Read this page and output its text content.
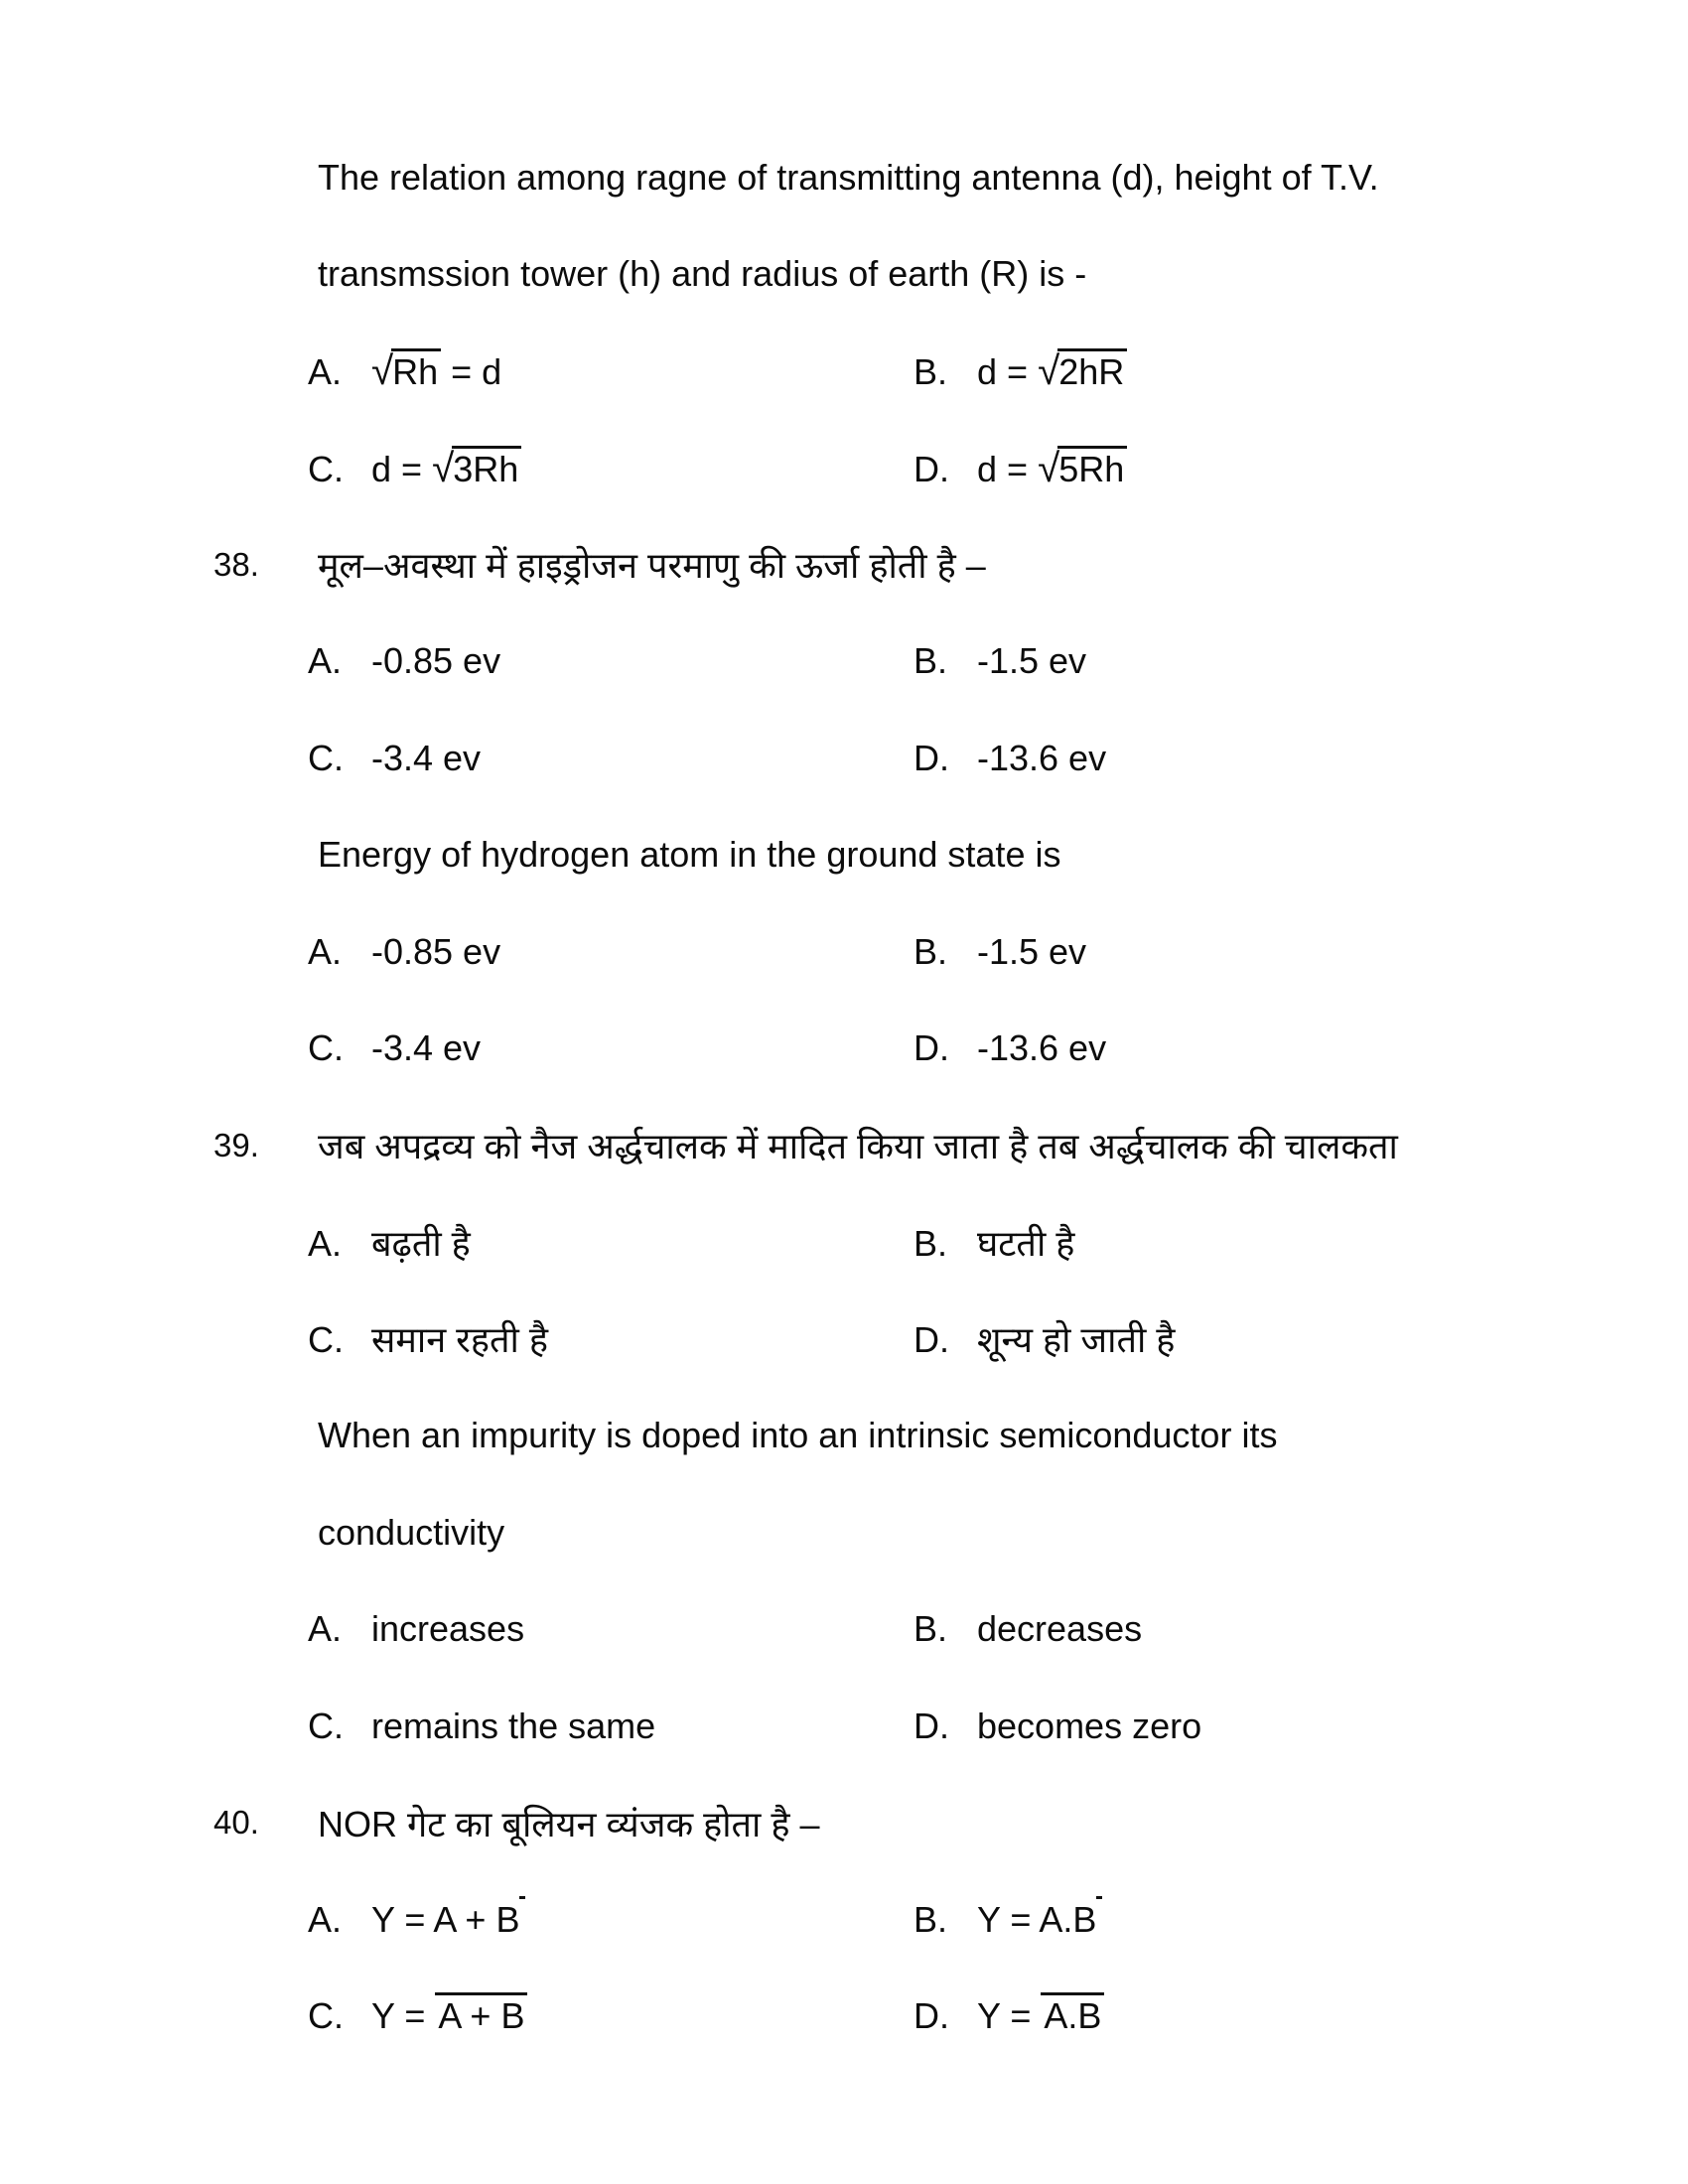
The relation among ragne of transmitting antenna (d), height of T.V.
transmssion tower (h) and radius of earth (R) is -
A. √Rh = d	B. d = √2hR
C. d = √3Rh	D. d = √5Rh
38.	मूल–अवस्था में हाइड्रोजन परमाणु की ऊर्जा होती है –
A. -0.85 ev	B. -1.5 ev
C. -3.4 ev	D. -13.6 ev
Energy of hydrogen atom in the ground state is
A. -0.85 ev	B. -1.5 ev
C. -3.4 ev	D. -13.6 ev
39.	जब अपद्रव्य को नैज अर्द्धचालक में मादित किया जाता है तब अर्द्धचालक की चालकता
A. बढ़ती है	B. घटती है
C. समान रहती है	D. शून्य हो जाती है
When an impurity is doped into an intrinsic semiconductor its
conductivity
A. increases	B. decreases
C. remains the same	D. becomes zero
40.	NOR गेट का बूलियन व्यंजक होता है –
A. Y = A + B	B. Y = A.B
C. Y = A + B	D. Y = A.B
